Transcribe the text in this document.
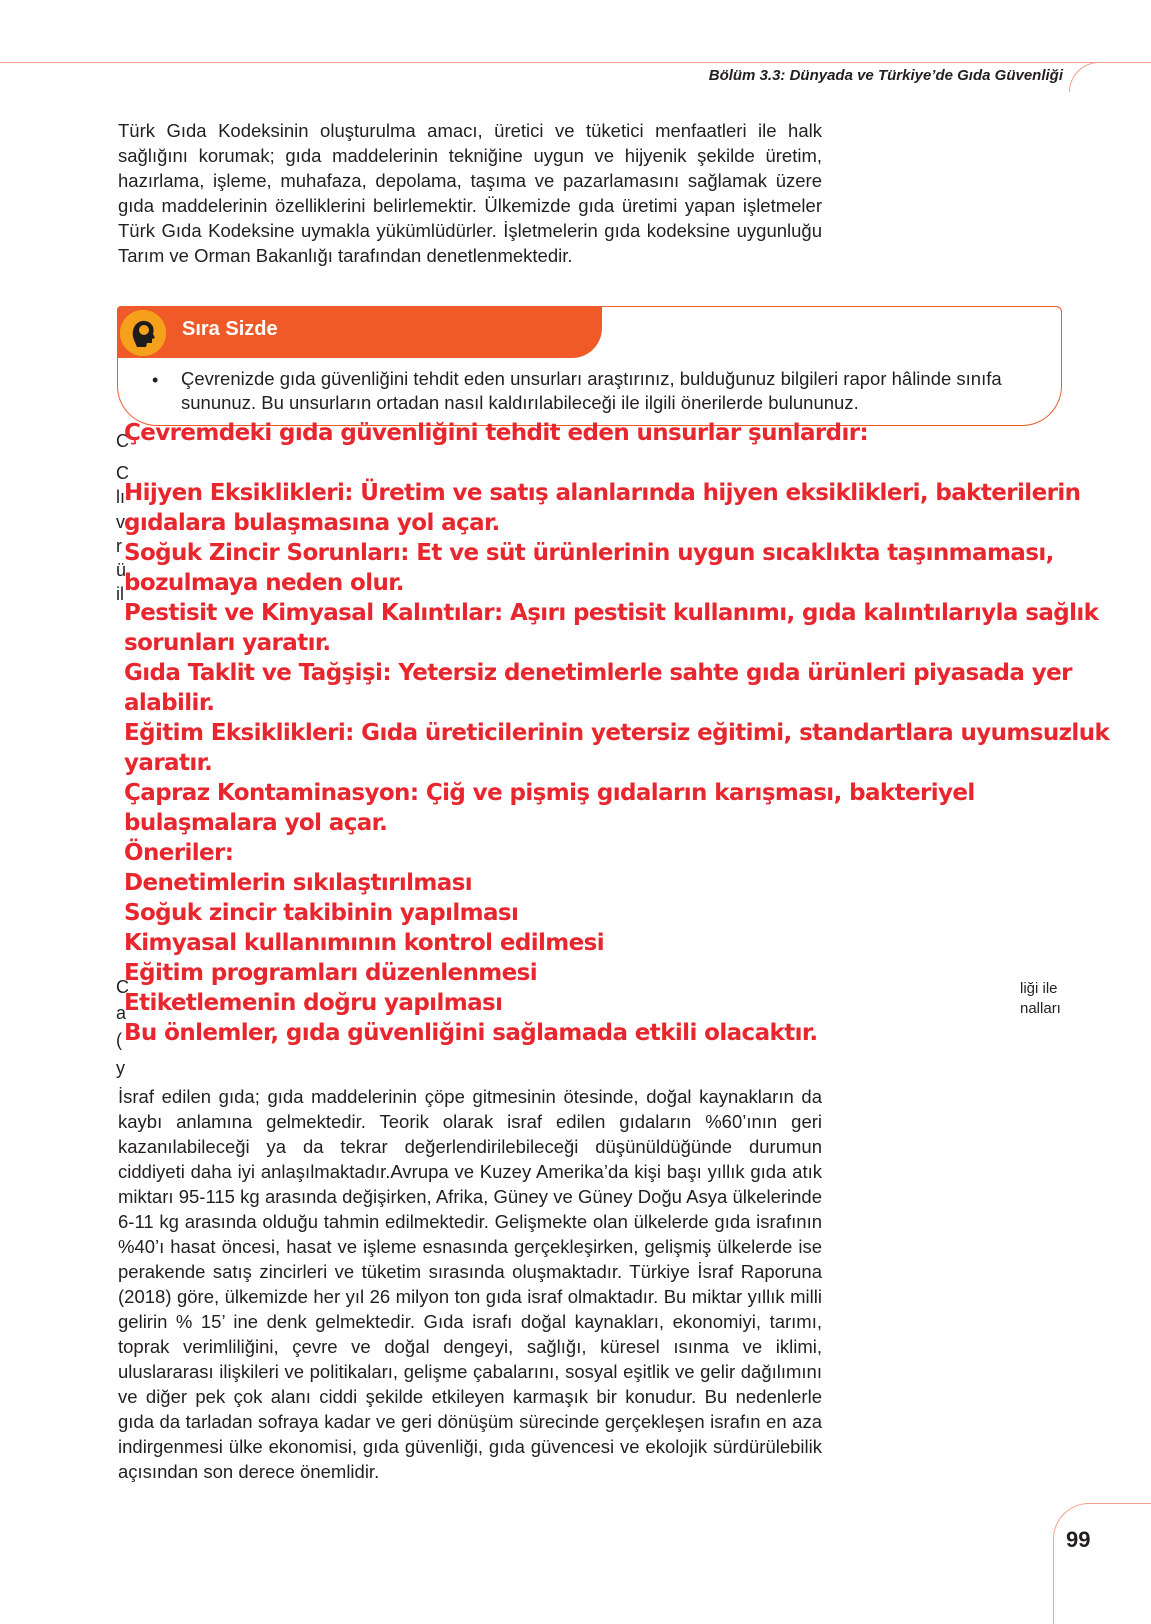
Bölüm 3.3: Dünyada ve Türkiye’de Gıda Güvenliği

Türk Gıda Kodeksinin oluşturulma amacı, üretici ve tüketici menfaatleri ile halk sağlığını korumak; gıda maddelerinin tekniğine uygun ve hijyenik şekilde üretim, hazırlama, işleme, muhafaza, depolama, taşıma ve pazarlamasını sağlamak üzere gıda maddelerinin özelliklerini belirlemektir. Ülkemizde gıda üretimi yapan işletmeler Türk Gıda Kodeksine uymakla yükümlüdürler. İşletmelerin gıda kodeksine uygunluğu Tarım ve Orman Bakanlığı tarafından denetlenmektedir.

Sıra Sizde
• Çevrenizde gıda güvenliğini tehdit eden unsurları araştırınız, bulduğunuz bilgileri rapor hâlinde sınıfa sununuz. Bu unsurların ortadan nasıl kaldırılabileceği ile ilgili önerilerde bulununuz.

C
C
lı
v
r
ü
il
C
a
(
y
liği ile
nalları
Çevremdeki gıda güvenliğini tehdit eden unsurlar şunlardır:
Hijyen Eksiklikleri: Üretim ve satış alanlarında hijyen eksiklikleri, bakterilerin
gıdalara bulaşmasına yol açar.
Soğuk Zincir Sorunları: Et ve süt ürünlerinin uygun sıcaklıkta taşınmaması,
bozulmaya neden olur.
Pestisit ve Kimyasal Kalıntılar: Aşırı pestisit kullanımı, gıda kalıntılarıyla sağlık
sorunları yaratır.
Gıda Taklit ve Tağşişi: Yetersiz denetimlerle sahte gıda ürünleri piyasada yer
alabilir.
Eğitim Eksiklikleri: Gıda üreticilerinin yetersiz eğitimi, standartlara uyumsuzluk
yaratır.
Çapraz Kontaminasyon: Çiğ ve pişmiş gıdaların karışması, bakteriyel
bulaşmalara yol açar.
Öneriler:
Denetimlerin sıkılaştırılması
Soğuk zincir takibinin yapılması
Kimyasal kullanımının kontrol edilmesi
Eğitim programları düzenlenmesi
Etiketlemenin doğru yapılması
Bu önlemler, gıda güvenliğini sağlamada etkili olacaktır.

İsraf edilen gıda; gıda maddelerinin çöpe gitmesinin ötesinde, doğal kaynakların da kaybı anlamına gelmektedir. Teorik olarak israf edilen gıdaların %60’ının geri kazanılabileceği ya da tekrar değerlendirilebileceği düşünüldüğünde durumun ciddiyeti daha iyi anlaşılmaktadır.Avrupa ve Kuzey Amerika’da kişi başı yıllık gıda atık miktarı 95-115 kg arasında değişirken, Afrika, Güney ve Güney Doğu Asya ülkelerinde 6-11 kg arasında olduğu tahmin edilmektedir. Gelişmekte olan ülkelerde gıda israfının %40’ı hasat öncesi, hasat ve işleme esnasında gerçekleşirken, gelişmiş ülkelerde ise perakende satış zincirleri ve tüketim sırasında oluşmaktadır. Türkiye İsraf Raporuna (2018) göre, ülkemizde her yıl 26 milyon ton gıda israf olmaktadır. Bu miktar yıllık milli gelirin % 15’ ine denk gelmektedir. Gıda israfı doğal kaynakları, ekonomiyi, tarımı, toprak verimliliğini, çevre ve doğal dengeyi, sağlığı, küresel ısınma ve iklimi, uluslararası ilişkileri ve politikaları, gelişme çabalarını, sosyal eşitlik ve gelir dağılımını ve diğer pek çok alanı ciddi şekilde etkileyen karmaşık bir konudur. Bu nedenlerle gıda da tarladan sofraya kadar ve geri dönüşüm sürecinde gerçekleşen israfın en aza indirgenmesi ülke ekonomisi, gıda güvenliği, gıda güvencesi ve ekolojik sürdürülebilik açısından son derece önemlidir.

99
